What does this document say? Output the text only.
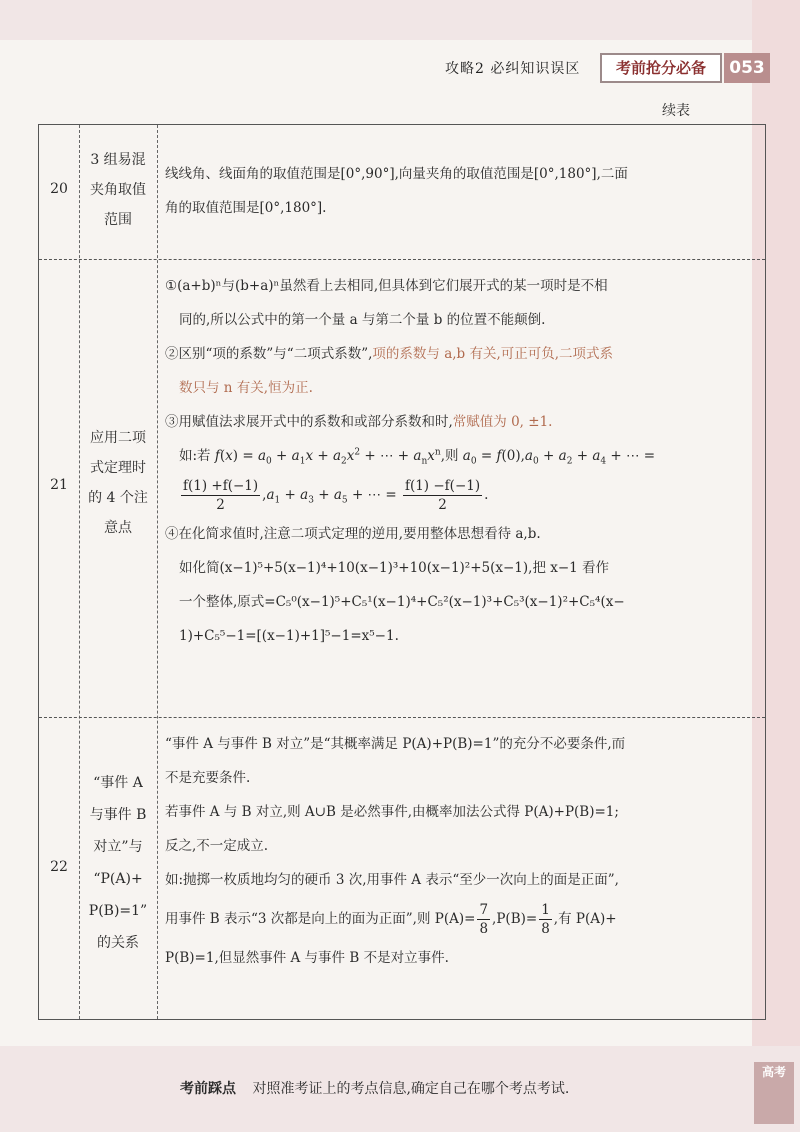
攻略2 必纠知识误区	考前抢分必备	053
续表
20
3 组易混
夹角取值
范围

线线角、线面角的取值范围是[0°,90°],向量夹角的取值范围是[0°,180°],二面

角的取值范围是[0°,180°].

21
应用二项
式定理时
的 4 个注
意点

①(a+b)ⁿ与(b+a)ⁿ虽然看上去相同,但具体到它们展开式的某一项时是不相

同的,所以公式中的第一个量 a 与第二个量 b 的位置不能颠倒.

②区别“项的系数”与“二项式系数”,项的系数与 a,b 有关,可正可负,二项式系

数只与 n 有关,恒为正.

③用赋值法求展开式中的系数和或部分系数和时,常赋值为 0, ±1.

如:若 $f(x) = a_0 + a_1x + a_2x^2$ + ⋯ + $a_nx^n$,则 $a_0 = f(0),a_0 + a_2 + a_4$ + ⋯ =

$\frac{f(1) +f(-1)}{2} ,a_1 + a_3 + a_5$ + ⋯ = $\frac{f(1) -f(-1)}{2}$ .

④在化简求值时,注意二项式定理的逆用,要用整体思想看待 a,b.

如化简(x−1)⁵+5(x−1)⁴+10(x−1)³+10(x−1)²+5(x−1),把 x−1 看作

一个整体,原式=C₅⁰(x−1)⁵+C₅¹(x−1)⁴+C₅²(x−1)³+C₅³(x−1)²+C₅⁴(x−

1)+C₅⁵−1=[(x−1)+1]⁵−1=x⁵−1.

22
“事件 A
与事件 B
对立”与
“P(A)+
P(B)=1”
的关系

“事件 A 与事件 B 对立”是“其概率满足 P(A)+P(B)=1”的充分不必要条件,而

不是充要条件.

若事件 A 与 B 对立,则 A∪B 是必然事件,由概率加法公式得 P(A)+P(B)=1;

反之,不一定成立.

如:抛掷一枚质地均匀的硬币 3 次,用事件 A 表示“至少一次向上的面是正面”,

用事件 B 表示“3 次都是向上的面为正面”,则 $P(A)= \frac{7}{8} ,P(B)= \frac{1}{8}$ ,有 P(A)+

P(B)=1,但显然事件 A 与事件 B 不是对立事件.

考前踩点 对照准考证上的考点信息,确定自己在哪个考点考试.
高考
